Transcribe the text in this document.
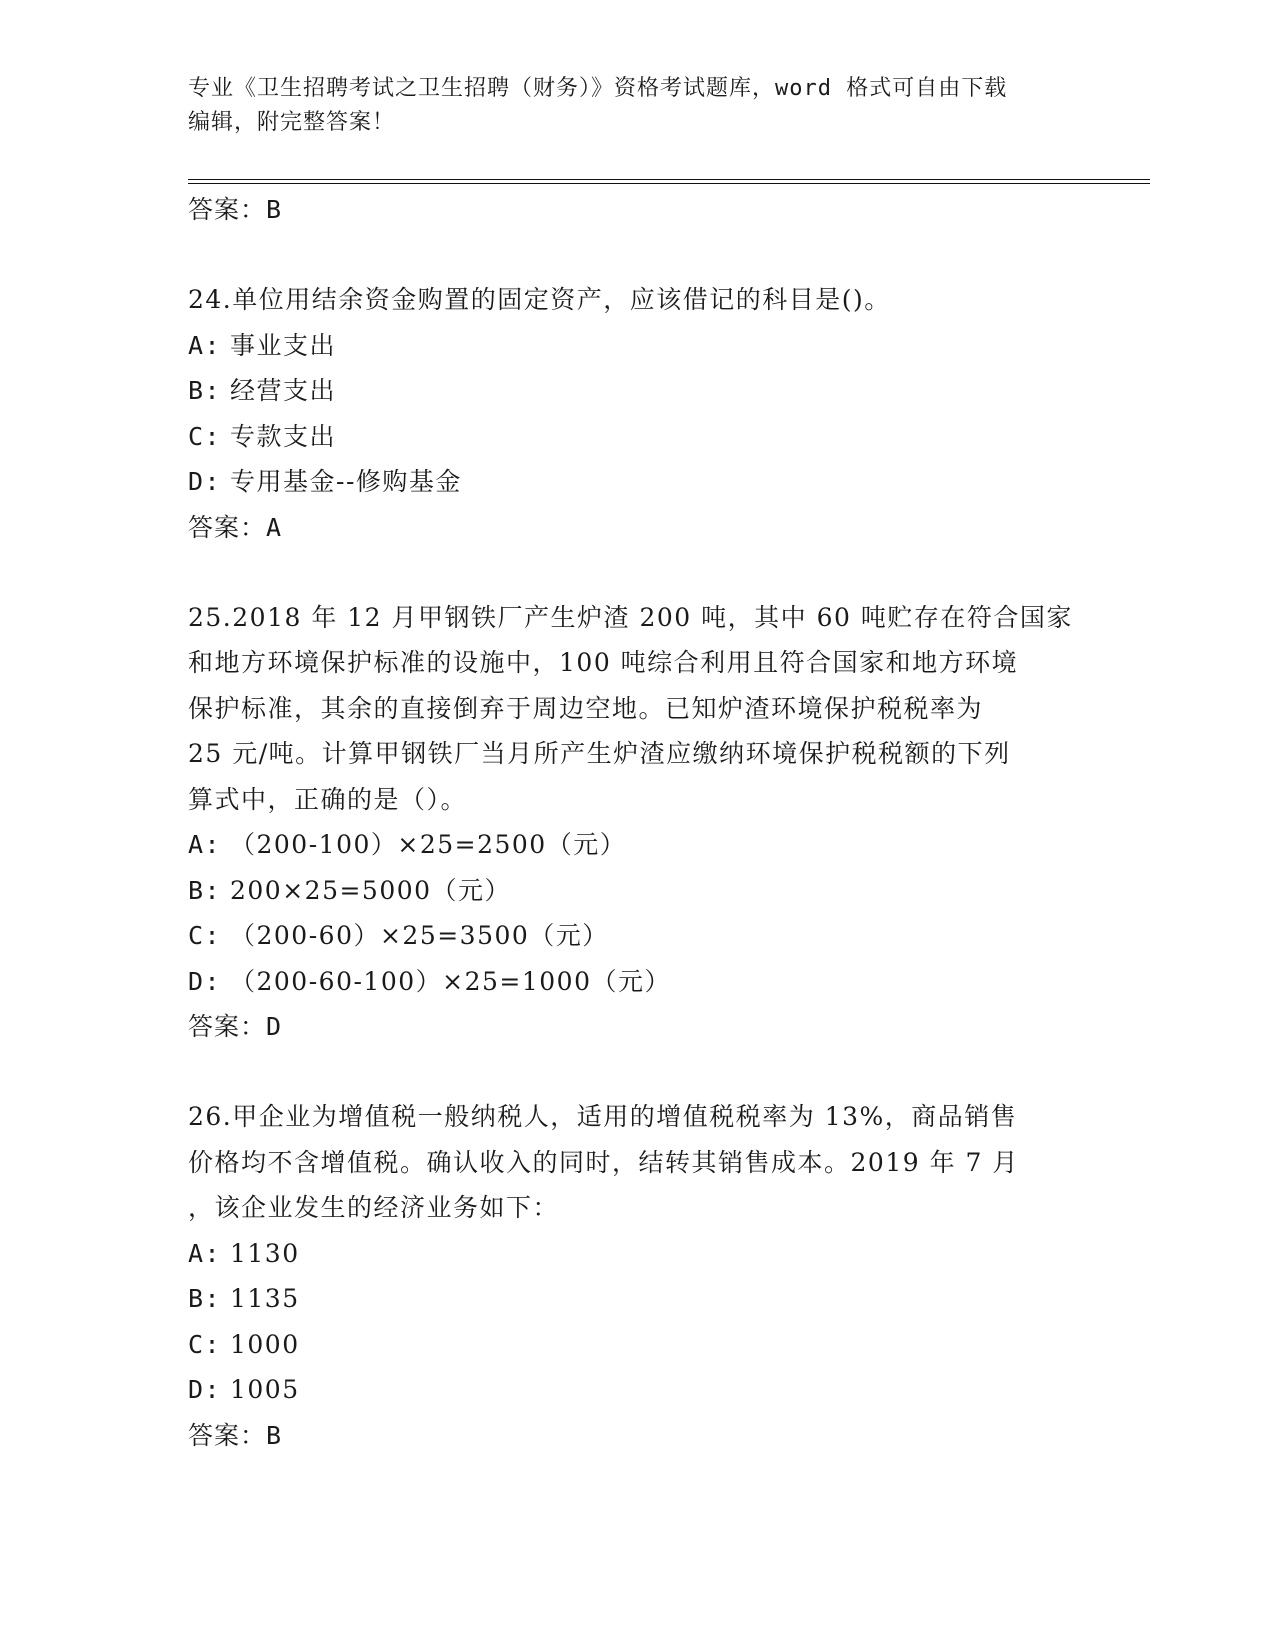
专业《卫生招聘考试之卫生招聘（财务）》资格考试题库，word 格式可自由下载
编辑，附完整答案！
答案：B
24.单位用结余资金购置的固定资产，应该借记的科目是()。
A: 事业支出
B: 经营支出
C: 专款支出
D: 专用基金--修购基金
答案：A
25.2018 年 12 月甲钢铁厂产生炉渣 200 吨，其中 60 吨贮存在符合国家
和地方环境保护标准的设施中，100 吨综合利用且符合国家和地方环境
保护标准，其余的直接倒弃于周边空地。已知炉渣环境保护税税率为
25 元/吨。计算甲钢铁厂当月所产生炉渣应缴纳环境保护税税额的下列
算式中，正确的是（）。
A: （200-100）×25=2500（元）
B: 200×25=5000（元）
C: （200-60）×25=3500（元）
D: （200-60-100）×25=1000（元）
答案：D
26.甲企业为增值税一般纳税人，适用的增值税税率为 13%，商品销售
价格均不含增值税。确认收入的同时，结转其销售成本。2019 年 7 月
，该企业发生的经济业务如下：
A: 1130
B: 1135
C: 1000
D: 1005
答案：B
